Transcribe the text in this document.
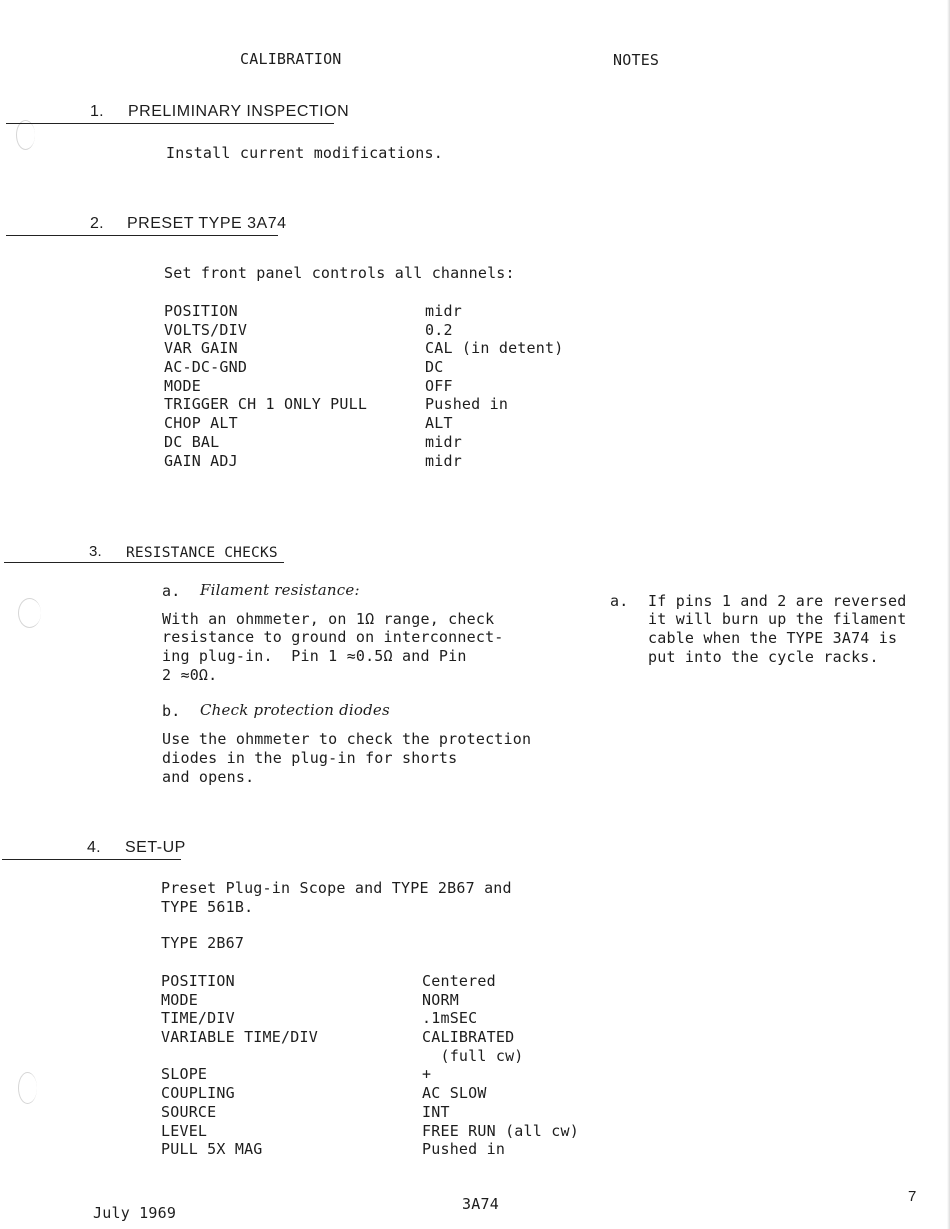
CALIBRATION	NOTES
1. PRELIMINARY INSPECTION
Install current modifications.
2. PRESET TYPE 3A74
Set front panel controls all channels:
POSITION	midr
VOLTS/DIV	0.2
VAR GAIN	CAL (in detent)
AC-DC-GND	DC
MODE	OFF
TRIGGER CH 1 ONLY PULL	Pushed in
CHOP ALT	ALT
DC BAL	midr
GAIN ADJ	midr
3. RESISTANCE CHECKS
a. Filament resistance:
With an ohmmeter, on 1Ω range, check
resistance to ground on interconnect-
ing plug-in.  Pin 1 ≈0.5Ω and Pin
2 ≈0Ω.
b. Check protection diodes
Use the ohmmeter to check the protection
diodes in the plug-in for shorts
and opens.
a. If pins 1 and 2 are reversed
it will burn up the filament
cable when the TYPE 3A74 is
put into the cycle racks.
4. SET-UP
Preset Plug-in Scope and TYPE 2B67 and
TYPE 561B.
TYPE 2B67
POSITION	Centered
MODE	NORM
TIME/DIV	.1mSEC
VARIABLE TIME/DIV	CALIBRATED
(full cw)
SLOPE	+
COUPLING	AC SLOW
SOURCE	INT
LEVEL	FREE RUN (all cw)
PULL 5X MAG	Pushed in
July 1969	3A74	7
